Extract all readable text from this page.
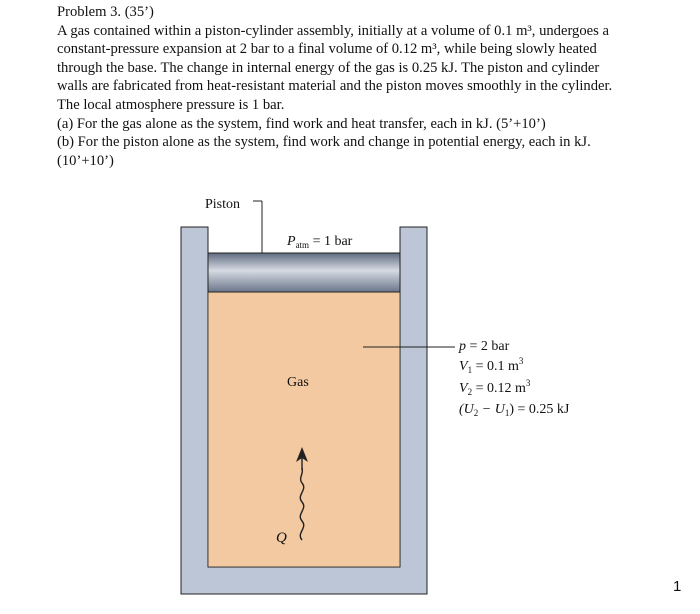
Problem 3. (35’)
A gas contained within a piston-cylinder assembly, initially at a volume of 0.1 m³, undergoes a
constant-pressure expansion at 2 bar to a final volume of 0.12 m³, while being slowly heated
through the base. The change in internal energy of the gas is 0.25 kJ. The piston and cylinder
walls are fabricated from heat-resistant material and the piston moves smoothly in the cylinder.
The local atmosphere pressure is 1 bar.
(a) For the gas alone as the system, find work and heat transfer, each in kJ. (5’+10’)
(b) For the piston alone as the system, find work and change in potential energy, each in kJ.
(10’+10’)
Piston
$P_{atm} = 1$ bar
Gas
p = 2 bar
$V_1 = 0.1$ $m^3$
$V_2 = 0.12$ $m^3$
$(U_2 - U_1) = 0.25$ kJ
Q
1
